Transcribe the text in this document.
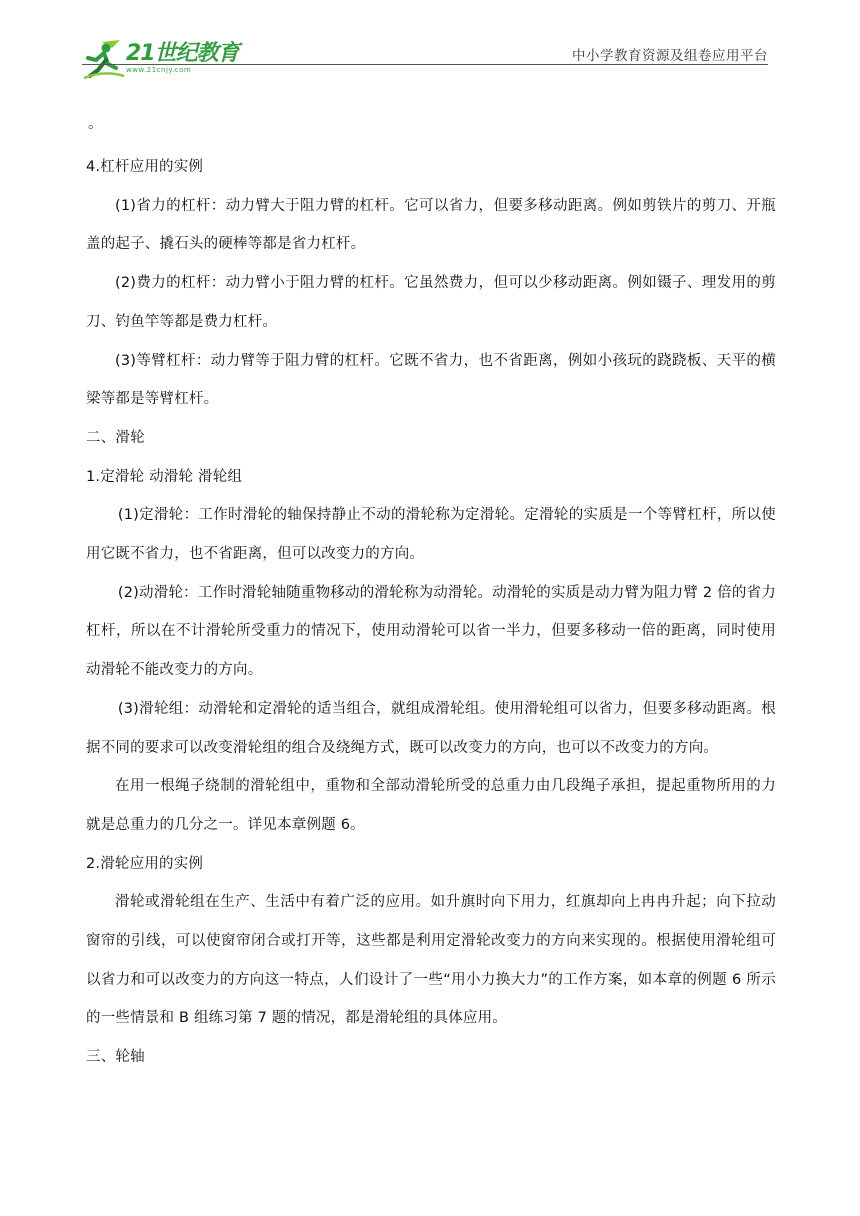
21世纪教育
www.21cnjy.com
中小学教育资源及组卷应用平台

。

4.杠杆应用的实例

(1)省力的杠杆：动力臂大于阻力臂的杠杆。它可以省力，但要多移动距离。例如剪铁片的剪刀、开瓶盖的起子、撬石头的硬棒等都是省力杠杆。

(2)费力的杠杆：动力臂小于阻力臂的杠杆。它虽然费力，但可以少移动距离。例如镊子、理发用的剪刀、钓鱼竿等都是费力杠杆。

(3)等臂杠杆：动力臂等于阻力臂的杠杆。它既不省力，也不省距离，例如小孩玩的跷跷板、天平的横梁等都是等臂杠杆。

二、滑轮

1.定滑轮 动滑轮 滑轮组

(1)定滑轮：工作时滑轮的轴保持静止不动的滑轮称为定滑轮。定滑轮的实质是一个等臂杠杆，所以使用它既不省力，也不省距离，但可以改变力的方向。

(2)动滑轮：工作时滑轮轴随重物移动的滑轮称为动滑轮。动滑轮的实质是动力臂为阻力臂 2 倍的省力杠杆，所以在不计滑轮所受重力的情况下，使用动滑轮可以省一半力，但要多移动一倍的距离，同时使用动滑轮不能改变力的方向。

(3)滑轮组：动滑轮和定滑轮的适当组合，就组成滑轮组。使用滑轮组可以省力，但要多移动距离。根据不同的要求可以改变滑轮组的组合及绕绳方式，既可以改变力的方向，也可以不改变力的方向。

在用一根绳子绕制的滑轮组中，重物和全部动滑轮所受的总重力由几段绳子承担，提起重物所用的力就是总重力的几分之一。详见本章例题 6。

2.滑轮应用的实例

滑轮或滑轮组在生产、生活中有着广泛的应用。如升旗时向下用力，红旗却向上冉冉升起；向下拉动窗帘的引线，可以使窗帘闭合或打开等，这些都是利用定滑轮改变力的方向来实现的。根据使用滑轮组可以省力和可以改变力的方向这一特点，人们设计了一些“用小力换大力”的工作方案，如本章的例题 6 所示的一些情景和 B 组练习第 7 题的情况，都是滑轮组的具体应用。

三、轮轴
